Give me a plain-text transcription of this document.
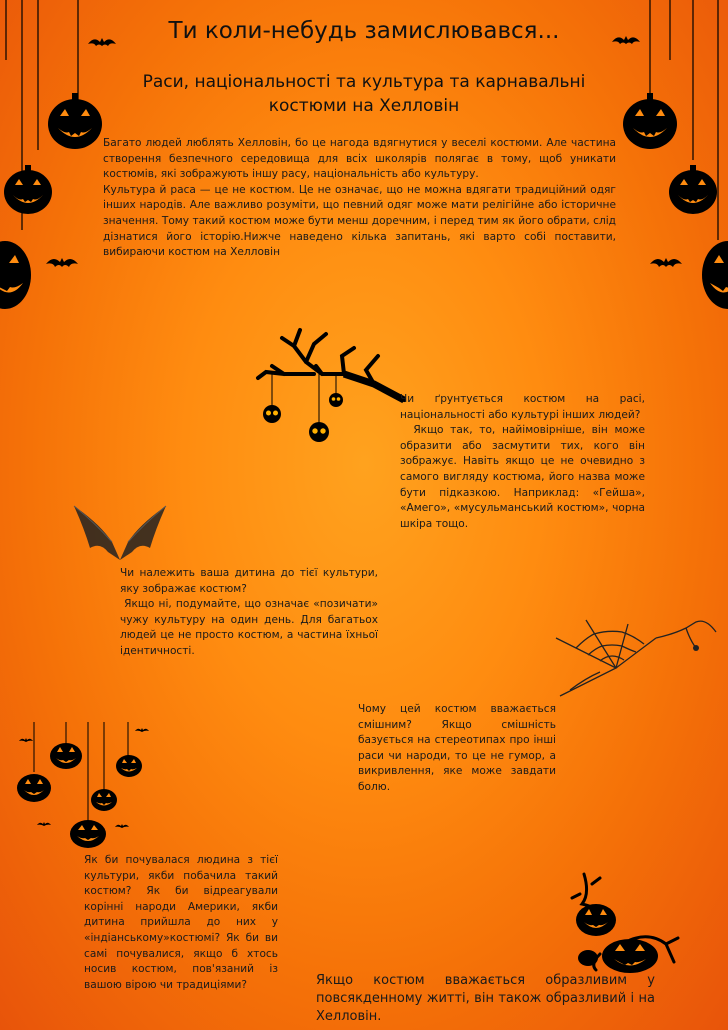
Ти коли-небудь замислювався...
Раси, національності та культура та карнавальні костюми на Хелловін

Багато людей люблять Хелловін, бо це нагода вдягнутися у веселі костюми. Але частина створення безпечного середовища для всіх школярів полягає в тому, щоб уникати костюмів, які зображують іншу расу, національність або культуру.

Культура й раса — це не костюм. Це не означає, що не можна вдягати традиційний одяг інших народів. Але важливо розуміти, що певний одяг може мати релігійне або історичне значення. Тому такий костюм може бути менш доречним, і перед тим як його обрати, слід дізнатися його історію.Нижче наведено кілька запитань, які варто собі поставити, вибираючи костюм на Хелловін

Чи ґрунтується костюм на расі, національності або культурі інших людей?

Якщо так, то, найімовірніше, він може образити або засмутити тих, кого він зображує. Навіть якщо це не очевидно з самого вигляду костюма, його назва може бути підказкою. Наприклад: «Гейша», «Амего», «мусульманський костюм», чорна шкіра тощо.

Чи належить ваша дитина до тієї культури, яку зображає костюм?

Якщо ні, подумайте, що означає «позичати» чужу культуру на один день. Для багатьох людей це не просто костюм, а частина їхньої ідентичності.

Чому цей костюм вважається смішним? Якщо смішність базується на стереотипах про інші раси чи народи, то це не гумор, а викривлення, яке може завдати болю.

Як би почувалася людина з тієї культури, якби побачила такий костюм? Як би відреагували корінні народи Америки, якби дитина прийшла до них у «індіанському»костюмі? Як би ви самі почувалися, якщо б хтось носив костюм, пов'язаний із вашою вірою чи традиціями?	Якщо костюм вважається образливим у повсякденному житті, він також образливий і на Хелловін.
